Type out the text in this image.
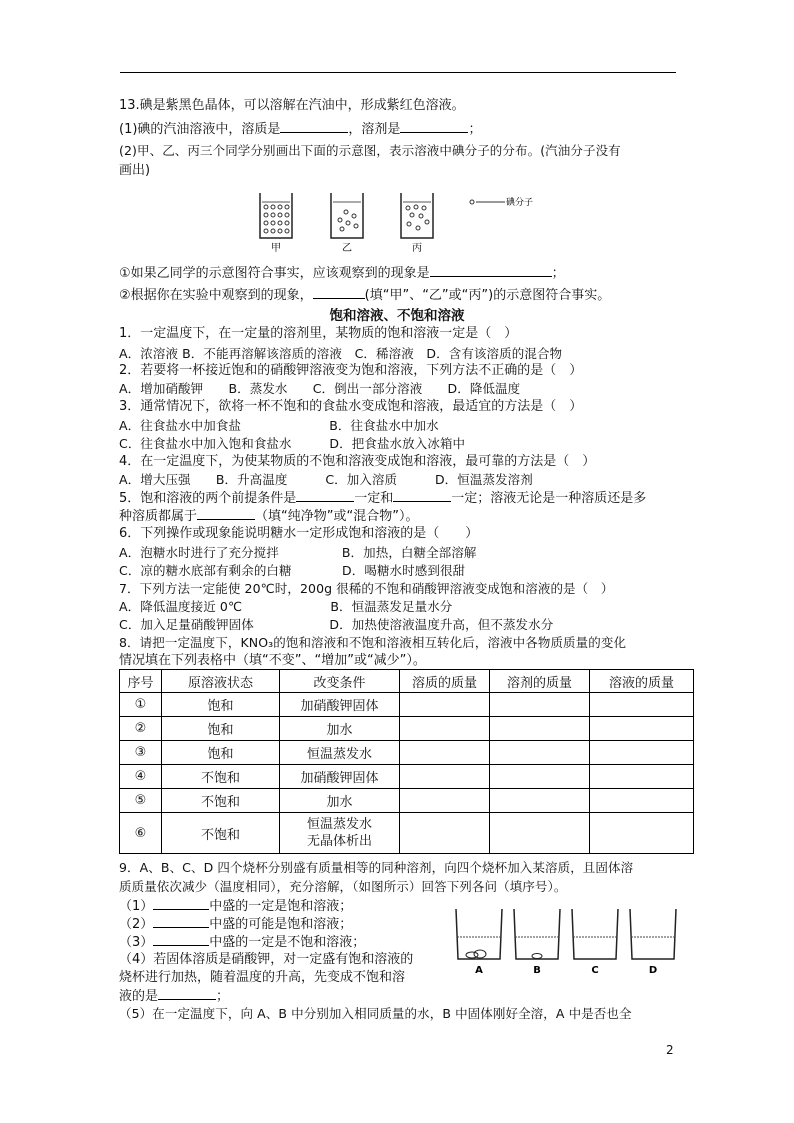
13.碘是紫黑色晶体，可以溶解在汽油中，形成紫红色溶液。
(1)碘的汽油溶液中，溶质是	，溶剂是	；
(2)甲、乙、丙三个同学分别画出下面的示意图，表示溶液中碘分子的分布。(汽油分子没有
画出)
甲	乙	丙
碘分子
①如果乙同学的示意图符合事实，应该观察到的现象是	；
②根据你在实验中观察到的现象，	(填“甲”、“乙”或“丙”)的示意图符合事实。
饱和溶液、不饱和溶液
1．一定温度下，在一定量的溶剂里，某物质的饱和溶液一定是（　）
A．浓溶液 B．不能再溶解该溶质的溶液　C．稀溶液　D．含有该溶质的混合物
2．若要将一杯接近饱和的硝酸钾溶液变为饱和溶液，下列方法不正确的是（　）
A．增加硝酸钾　　B．蒸发水　　C．倒出一部分溶液　　D．降低温度
3．通常情况下，欲将一杯不饱和的食盐水变成饱和溶液，最适宜的方法是（　）
A．往食盐水中加食盐　　　　　　　B．往食盐水中加水
C．往食盐水中加入饱和食盐水　　　D．把食盐水放入冰箱中
4．在一定温度下，为使某物质的不饱和溶液变成饱和溶液，最可靠的方法是（　）
A．增大压强　　B．升高温度　　　C．加入溶质　　　D．恒温蒸发溶剂
5．饱和溶液的两个前提条件是	一定和	一定；溶液无论是一种溶质还是多
种溶质都属于	（填“纯净物”或“混合物”）。
6．下列操作或现象能说明糖水一定形成饱和溶液的是（　　）
A．泡糖水时进行了充分搅拌　　　　　B．加热，白糖全部溶解
C．凉的糖水底部有剩余的白糖　　　　D．喝糖水时感到很甜
7．下列方法一定能使 20℃时，200g 很稀的不饱和硝酸钾溶液变成饱和溶液的是（　）
A．降低温度接近 0℃　　　　　　　B．恒温蒸发足量水分
C．加入足量硝酸钾固体　　　　　　D．加热使溶液温度升高，但不蒸发水分
8．请把一定温度下，KNO₃的饱和溶液和不饱和溶液相互转化后，溶液中各物质质量的变化
情况填在下列表格中（填“不变”、“增加”或“减少”）。
序号	原溶液状态	改变条件	溶质的质量	溶剂的质量	溶液的质量
①	饱和	加硝酸钾固体			
②	饱和	加水			
③	饱和	恒温蒸发水			
④	不饱和	加硝酸钾固体			
⑤	不饱和	加水			
⑥	不饱和	恒温蒸发水
无晶体析出			
9．A、B、C、D 四个烧杯分别盛有质量相等的同种溶剂，向四个烧杯加入某溶质，且固体溶
质质量依次减少（温度相同），充分溶解，（如图所示）回答下列各问（填序号）。
（1）	中盛的一定是饱和溶液；
（2）	中盛的可能是饱和溶液；
（3）	中盛的一定是不饱和溶液；
（4）若固体溶质是硝酸钾，对一定盛有饱和溶液的
烧杯进行加热，随着温度的升高，先变成不饱和溶
液的是	；
（5）在一定温度下，向 A、B 中分别加入相同质量的水，B 中固体刚好全溶，A 中是否也全
A	B	C	D
2
